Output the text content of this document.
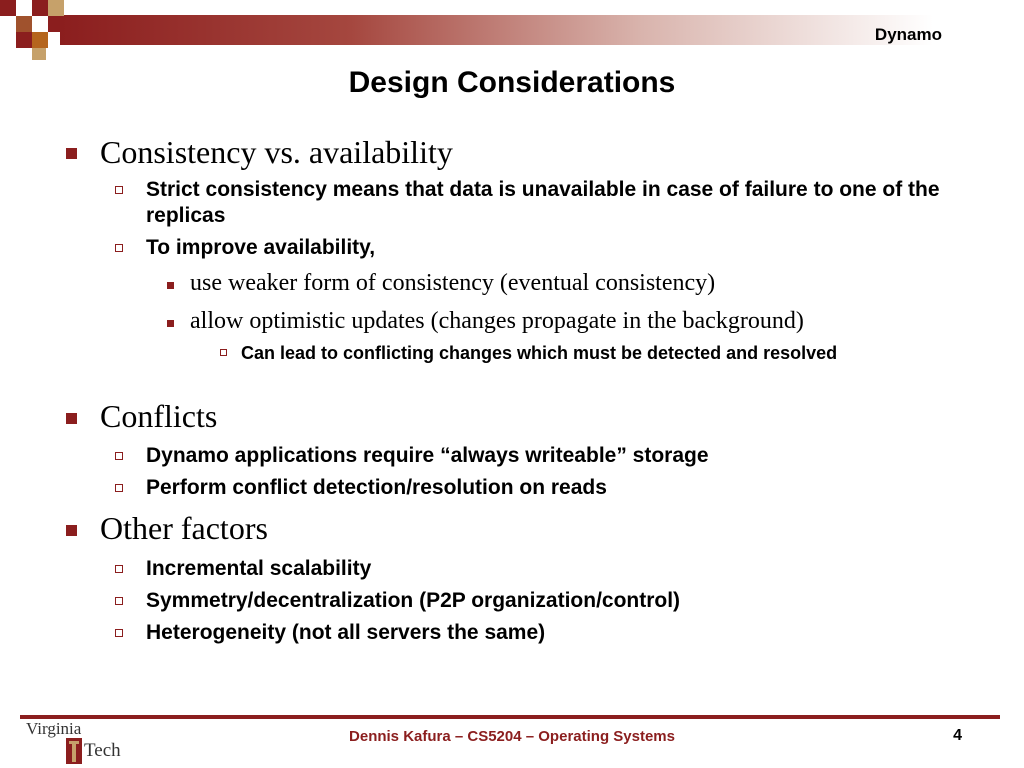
Dynamo
Design Considerations
Consistency vs. availability
Strict consistency means that data is unavailable in case of failure to one of the replicas
To improve availability,
use weaker form of consistency (eventual consistency)
allow optimistic updates (changes propagate in the background)
Can lead to conflicting changes which must be detected and resolved
Conflicts
Dynamo applications require “always writeable” storage
Perform conflict detection/resolution on reads
Other factors
Incremental scalability
Symmetry/decentralization (P2P organization/control)
Heterogeneity (not all servers the same)
Virginia
Tech
Dennis Kafura – CS5204 – Operating Systems	4
